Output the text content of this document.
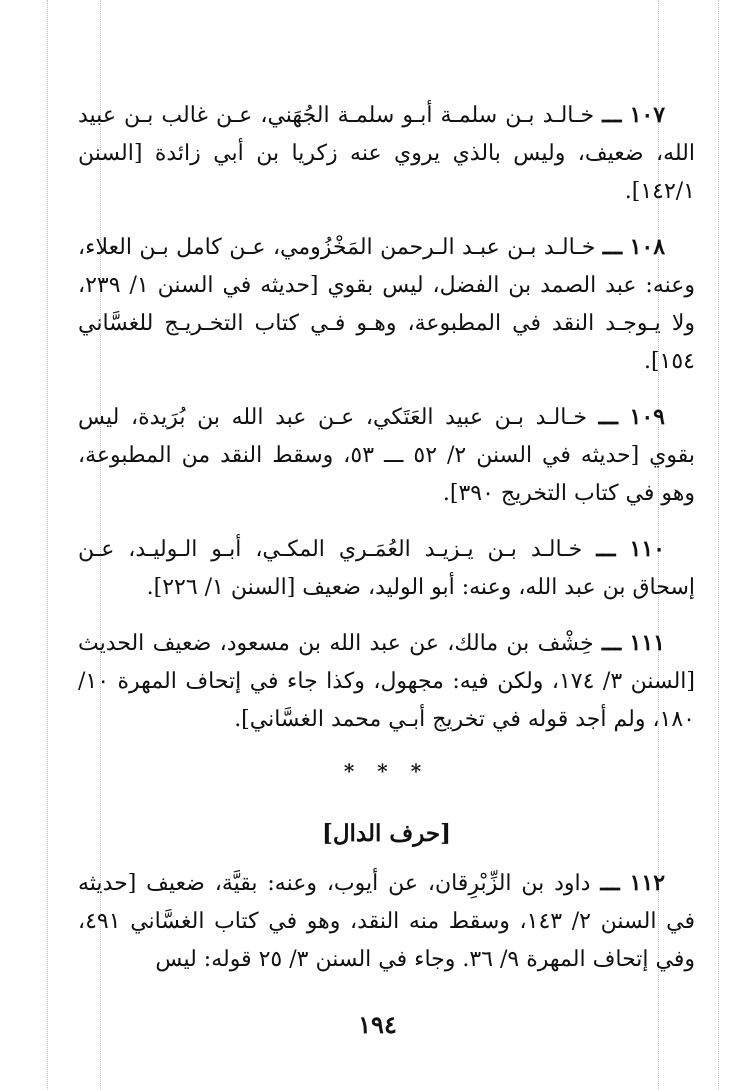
١٠٧ ـــ خـالـد بـن سلمـة أبـو سلمـة الجُهَني، عـن غالب بـن عبيد الله، ضعيف، وليس بالذي يروي عنه زكريا بن أبي زائدة [السنن ١٤٢/١].

١٠٨ ـــ خـالـد بـن عبـد الـرحمن المَخْزُومي، عـن كامل بـن العلاء، وعنه: عبد الصمد بن الفضل، ليس بقوي [حديثه في السنن ١/ ٢٣٩، ولا يـوجـد النقد في المطبوعة، وهـو فـي كتاب التخـريـج للغسَّاني ١٥٤].

١٠٩ ـــ خـالـد بـن عبيد العَتَكي، عـن عبد الله بن بُرَيدة، ليس بقوي [حديثه في السنن ٢/ ٥٢ ـــ ٥٣، وسقط النقد من المطبوعة، وهو في كتاب التخريج ٣٩٠].

١١٠ ـــ خـالـد بـن يـزيـد العُمَـري المكـي، أبـو الـوليـد، عـن إسحاق بن عبد الله، وعنه: أبو الوليد، ضعيف [السنن ١/ ٢٢٦].

١١١ ـــ خِشْف بن مالك، عن عبد الله بن مسعود، ضعيف الحديث [السنن ٣/ ١٧٤، ولكن فيه: مجهول، وكذا جاء في إتحاف المهرة ١٠/ ١٨٠، ولم أجد قوله في تخريج أبـي محمد الغسَّاني].

* * *
[حرف الدال]

١١٢ ـــ داود بن الزِّبْرِقان، عن أيوب، وعنه: بقيَّة، ضعيف [حديثه في السنن ٢/ ١٤٣، وسقط منه النقد، وهو في كتاب الغسَّاني ٤٩١، وفي إتحاف المهرة ٩/ ٣٦. وجاء في السنن ٣/ ٢٥ قوله: ليس

١٩٤
